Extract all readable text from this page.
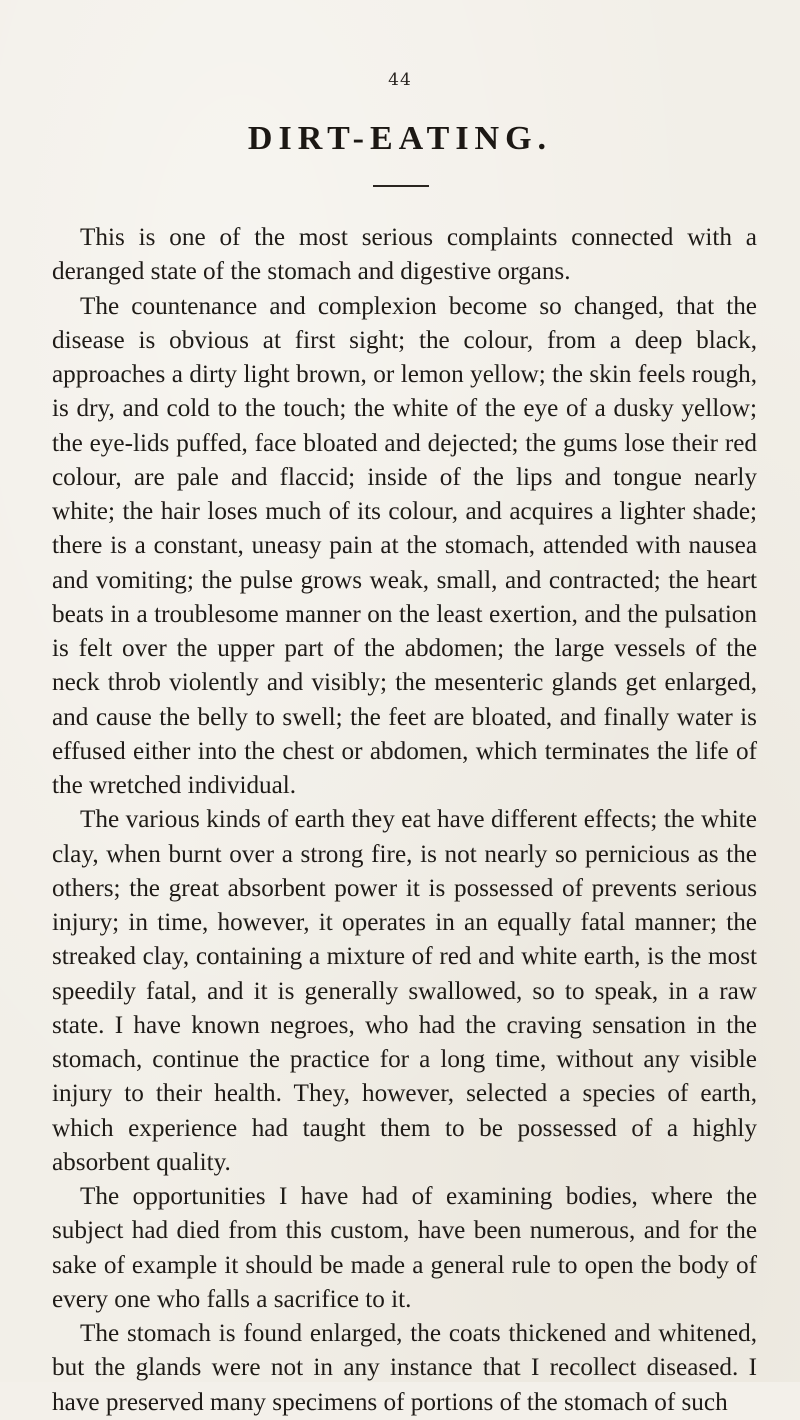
44
DIRT-EATING.

This is one of the most serious complaints connected with a deranged state of the stomach and digestive organs.

The countenance and complexion become so changed, that the disease is obvious at first sight; the colour, from a deep black, approaches a dirty light brown, or lemon yellow; the skin feels rough, is dry, and cold to the touch; the white of the eye of a dusky yellow; the eye-lids puffed, face bloated and dejected; the gums lose their red colour, are pale and flaccid; inside of the lips and tongue nearly white; the hair loses much of its colour, and acquires a lighter shade; there is a constant, uneasy pain at the stomach, attended with nausea and vomiting; the pulse grows weak, small, and contracted; the heart beats in a troublesome manner on the least exertion, and the pulsation is felt over the upper part of the abdomen; the large vessels of the neck throb violently and visibly; the mesenteric glands get enlarged, and cause the belly to swell; the feet are bloated, and finally water is effused either into the chest or abdomen, which terminates the life of the wretched individual.

The various kinds of earth they eat have different effects; the white clay, when burnt over a strong fire, is not nearly so pernicious as the others; the great absorbent power it is possessed of prevents serious injury; in time, however, it operates in an equally fatal manner; the streaked clay, containing a mixture of red and white earth, is the most speedily fatal, and it is generally swallowed, so to speak, in a raw state. I have known negroes, who had the craving sensation in the stomach, continue the practice for a long time, without any visible injury to their health. They, however, selected a species of earth, which experience had taught them to be possessed of a highly absorbent quality.

The opportunities I have had of examining bodies, where the subject had died from this custom, have been numerous, and for the sake of example it should be made a general rule to open the body of every one who falls a sacrifice to it.

The stomach is found enlarged, the coats thickened and whitened, but the glands were not in any instance that I recollect diseased. I have preserved many specimens of portions of the stomach of such
